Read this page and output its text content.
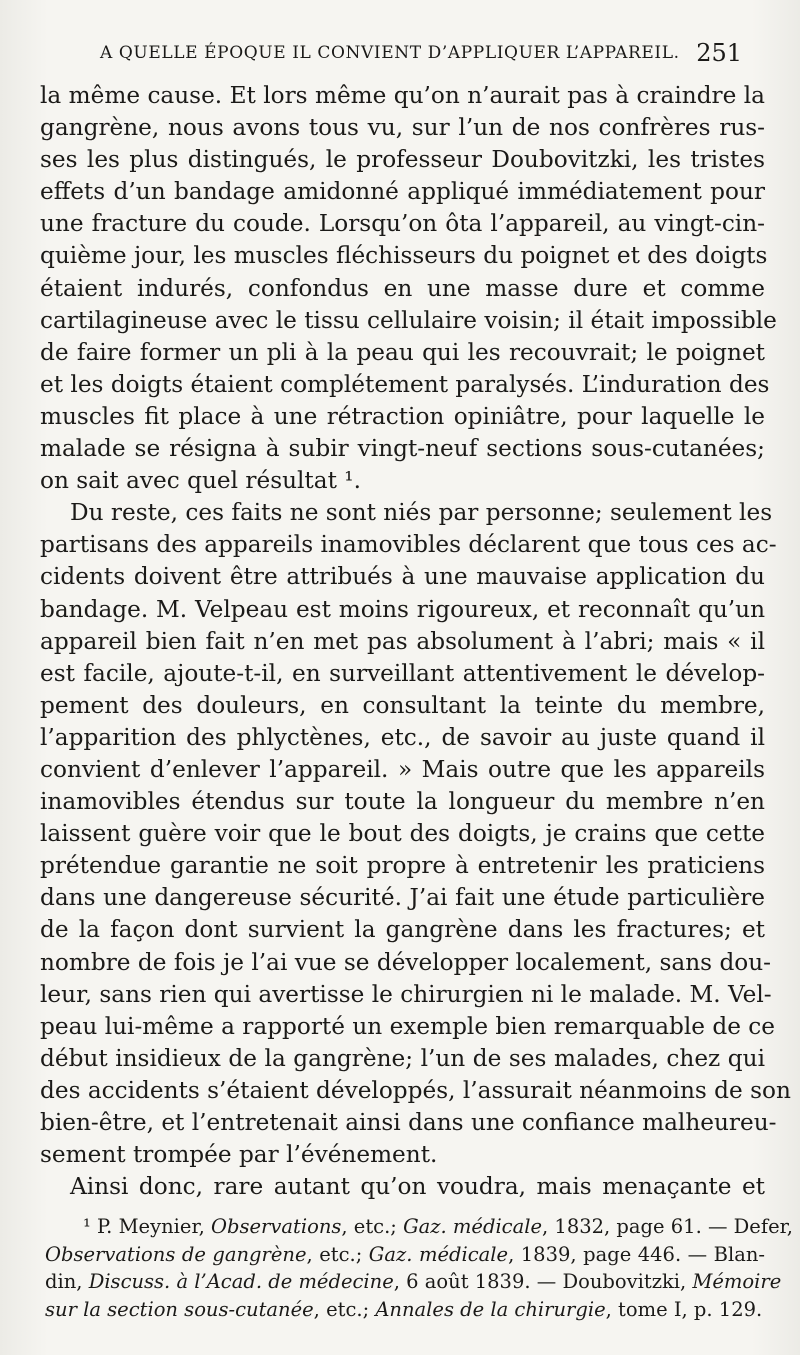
A QUELLE ÉPOQUE IL CONVIENT D’APPLIQUER L’APPAREIL. 251
la même cause. Et lors même qu’on n’aurait pas à craindre la
gangrène, nous avons tous vu, sur l’un de nos confrères rus-
ses les plus distingués, le professeur Doubovitzki, les tristes
effets d’un bandage amidonné appliqué immédiatement pour
une fracture du coude. Lorsqu’on ôta l’appareil, au vingt-cin-
quième jour, les muscles fléchisseurs du poignet et des doigts
étaient indurés, confondus en une masse dure et comme
cartilagineuse avec le tissu cellulaire voisin; il était impossible
de faire former un pli à la peau qui les recouvrait; le poignet
et les doigts étaient complétement paralysés. L’induration des
muscles fit place à une rétraction opiniâtre, pour laquelle le
malade se résigna à subir vingt-neuf sections sous-cutanées;
on sait avec quel résultat ¹.
Du reste, ces faits ne sont niés par personne; seulement les
partisans des appareils inamovibles déclarent que tous ces ac-
cidents doivent être attribués à une mauvaise application du
bandage. M. Velpeau est moins rigoureux, et reconnaît qu’un
appareil bien fait n’en met pas absolument à l’abri; mais « il
est facile, ajoute-t-il, en surveillant attentivement le dévelop-
pement des douleurs, en consultant la teinte du membre,
l’apparition des phlyctènes, etc., de savoir au juste quand il
convient d’enlever l’appareil. » Mais outre que les appareils
inamovibles étendus sur toute la longueur du membre n’en
laissent guère voir que le bout des doigts, je crains que cette
prétendue garantie ne soit propre à entretenir les praticiens
dans une dangereuse sécurité. J’ai fait une étude particulière
de la façon dont survient la gangrène dans les fractures; et
nombre de fois je l’ai vue se développer localement, sans dou-
leur, sans rien qui avertisse le chirurgien ni le malade. M. Vel-
peau lui-même a rapporté un exemple bien remarquable de ce
début insidieux de la gangrène; l’un de ses malades, chez qui
des accidents s’étaient développés, l’assurait néanmoins de son
bien-être, et l’entretenait ainsi dans une confiance malheureu-
sement trompée par l’événement.
Ainsi donc, rare autant qu’on voudra, mais menaçante et
¹ P. Meynier, Observations, etc.; Gaz. médicale, 1832, page 61. — Defer,
Observations de gangrène, etc.; Gaz. médicale, 1839, page 446. — Blan-
din, Discuss. à l’Acad. de médecine, 6 août 1839. — Doubovitzki, Mémoire
sur la section sous-cutanée, etc.; Annales de la chirurgie, tome I, p. 129.
